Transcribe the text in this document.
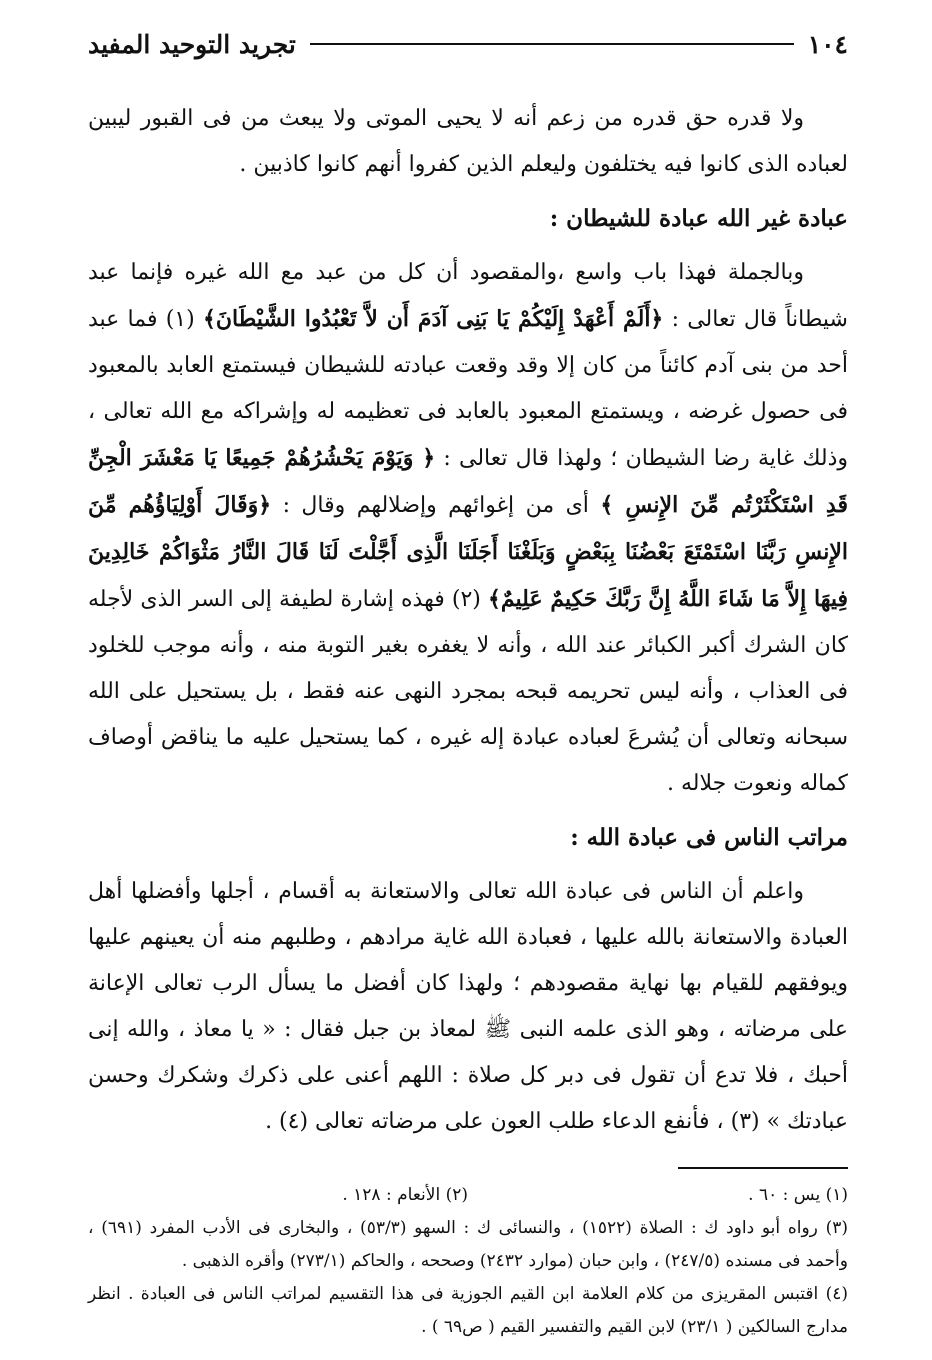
١٠٤
تجريد التوحيد المفيد

ولا قدره حق قدره من زعم أنه لا يحيى الموتى ولا يبعث من فى القبور ليبين لعباده الذى كانوا فيه يختلفون وليعلم الذين كفروا أنهم كانوا كاذبين .

عبادة غير الله عبادة للشيطان :

وبالجملة فهذا باب واسع ،والمقصود أن كل من عبد مع الله غيره فإنما عبد شيطاناً قال تعالى : ﴿أَلَمْ أَعْهَدْ إِلَيْكُمْ يَا بَنِى آدَمَ أَن لاَّ تَعْبُدُوا الشَّيْطَانَ﴾ (١) فما عبد أحد من بنى آدم كائناً من كان إلا وقد وقعت عبادته للشيطان فيستمتع العابد بالمعبود فى حصول غرضه ، ويستمتع المعبود بالعابد فى تعظيمه له وإشراكه مع الله تعالى ، وذلك غاية رضا الشيطان ؛ ولهذا قال تعالى : ﴿ وَيَوْمَ يَحْشُرُهُمْ جَمِيعًا يَا مَعْشَرَ الْجِنِّ قَدِ اسْتَكْثَرْتُم مِّنَ الإِنسِ ﴾ أى من إغوائهم وإضلالهم وقال : ﴿وَقَالَ أَوْلِيَاؤُهُم مِّنَ الإِنسِ رَبَّنَا اسْتَمْتَعَ بَعْضُنَا بِبَعْضٍ وَبَلَغْنَا أَجَلَنَا الَّذِى أَجَّلْتَ لَنَا قَالَ النَّارُ مَثْوَاكُمْ خَالِدِينَ فِيهَا إِلاَّ مَا شَاءَ اللَّهُ إِنَّ رَبَّكَ حَكِيمٌ عَلِيمٌ﴾ (٢) فهذه إشارة لطيفة إلى السر الذى لأجله كان الشرك أكبر الكبائر عند الله ، وأنه لا يغفره بغير التوبة منه ، وأنه موجب للخلود فى العذاب ، وأنه ليس تحريمه قبحه بمجرد النهى عنه فقط ، بل يستحيل على الله سبحانه وتعالى أن يُشرعَ لعباده عبادة إله غيره ، كما يستحيل عليه ما يناقض أوصاف كماله ونعوت جلاله .

مراتب الناس فى عبادة الله :

واعلم أن الناس فى عبادة الله تعالى والاستعانة به أقسام ، أجلها وأفضلها أهل العبادة والاستعانة بالله عليها ، فعبادة الله غاية مرادهم ، وطلبهم منه أن يعينهم عليها ويوفقهم للقيام بها نهاية مقصودهم ؛ ولهذا كان أفضل ما يسأل الرب تعالى الإعانة على مرضاته ، وهو الذى علمه النبى ﷺ لمعاذ بن جبل فقال : « يا معاذ ، والله إنى أحبك ، فلا تدع أن تقول فى دبر كل صلاة : اللهم أعنى على ذكرك وشكرك وحسن عبادتك » (٣) ، فأنفع الدعاء طلب العون على مرضاته تعالى (٤) .

(١) يس : ٦٠ .
(٢) الأنعام : ١٢٨ .

(٣) رواه أبو داود ك : الصلاة (١٥٢٢) ، والنسائى ك : السهو (٥٣/٣) ، والبخارى فى الأدب المفرد (٦٩١) ، وأحمد فى مسنده (٢٤٧/٥) ، وابن حبان (موارد ٢٤٣٢) وصححه ، والحاكم (٢٧٣/١) وأقره الذهبى .

(٤) اقتبس المقريزى من كلام العلامة ابن القيم الجوزية فى هذا التقسيم لمراتب الناس فى العبادة . انظر مدارج السالكين ( ٢٣/١) لابن القيم والتفسير القيم ( ص٦٩ ) .
